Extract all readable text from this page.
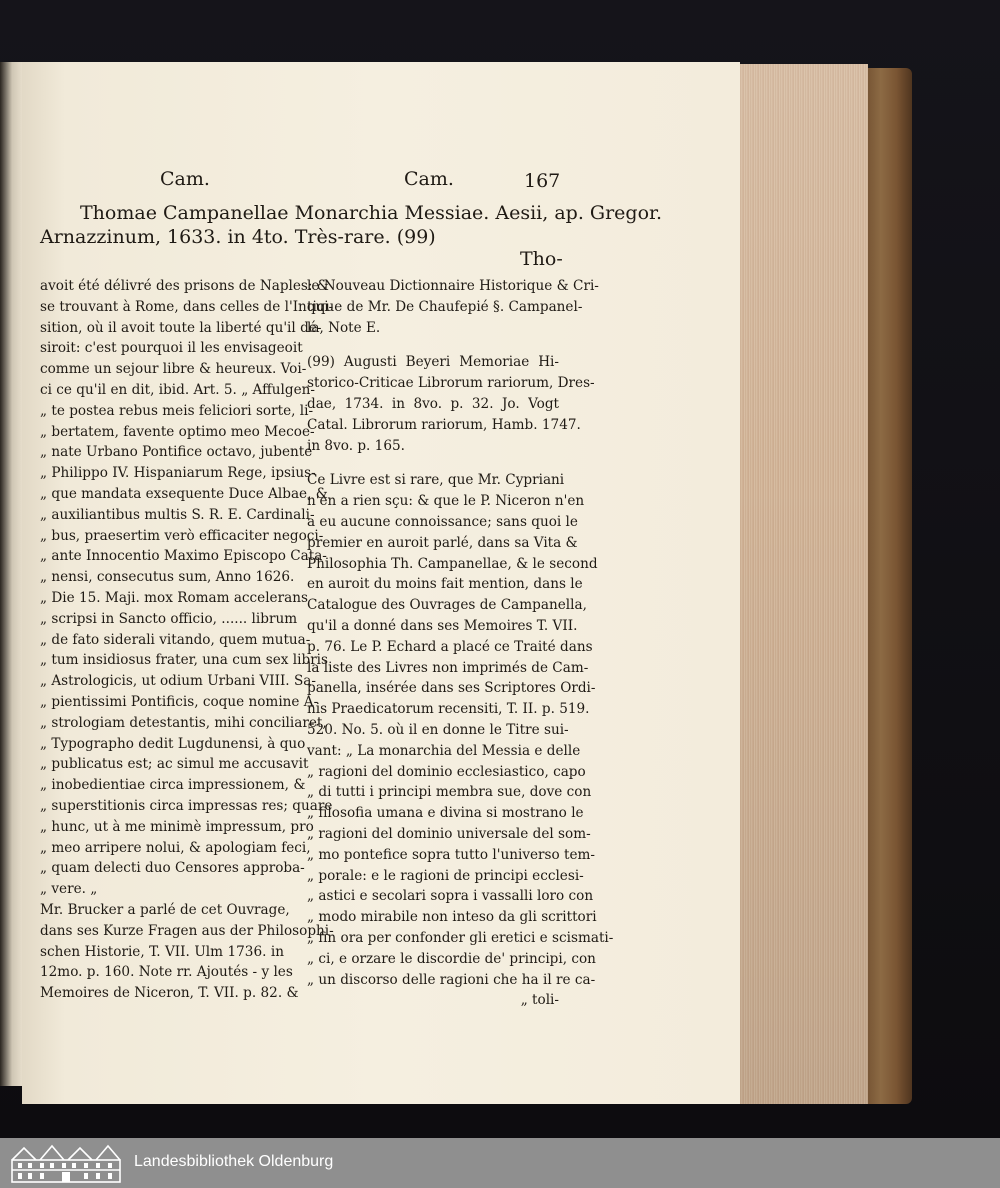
Cam.	Cam.	167
Thomae Campanellae Monarchia Messiae. Aesii, ap. Gregor.
Arnazzinum, 1633. in 4to. Très-rare. (99)
Tho-
avoit été délivré des prisons de Naples: &
se trouvant à Rome, dans celles de l'Inqui-
sition, où il avoit toute la liberté qu'il dé-
siroit: c'est pourquoi il les envisageoit
comme un sejour libre & heureux. Voi-
ci ce qu'il en dit, ibid. Art. 5. „ Affulgen-
„ te postea rebus meis feliciori sorte, li-
„ bertatem, favente optimo meo Mecoe-
„ nate Urbano Pontifice octavo, jubente
„ Philippo IV. Hispaniarum Rege, ipsius-
„ que mandata exsequente Duce Albae, &
„ auxiliantibus multis S. R. E. Cardinali-
„ bus, praesertim verò efficaciter negoci-
„ ante Innocentio Maximo Episcopo Cata-
„ nensi, consecutus sum, Anno 1626.
„ Die 15. Maji. mox Romam accelerans
„ scripsi in Sancto officio, ...... librum
„ de fato siderali vitando, quem mutua-
„ tum insidiosus frater, una cum sex libris
„ Astrologicis, ut odium Urbani VIII. Sa-
„ pientissimi Pontificis, coque nomine A-
„ strologiam detestantis, mihi conciliaret,
„ Typographo dedit Lugdunensi, à quo
„ publicatus est; ac simul me accusavit
„ inobedientiae circa impressionem, &
„ superstitionis circa impressas res; quare
„ hunc, ut à me minimè impressum, pro
„ meo arripere nolui, & apologiam feci,
„ quam delecti duo Censores approba-
„ vere. „
Mr. Brucker a parlé de cet Ouvrage,
dans ses Kurze Fragen aus der Philosophi-
schen Historie, T. VII. Ulm 1736. in
12mo. p. 160. Note rr. Ajoutés - y les
Memoires de Niceron, T. VII. p. 82. &
le Nouveau Dictionnaire Historique & Cri-
tique de Mr. De Chaufepié §. Campanel-
la, Note E.
(99) Augusti Beyeri Memoriae Hi-
storico-Criticae Librorum rariorum, Dres-
dae, 1734. in 8vo. p. 32. Jo. Vogt
Catal. Librorum rariorum, Hamb. 1747.
in 8vo. p. 165.
Ce Livre est si rare, que Mr. Cypriani
n'en a rien sçu: & que le P. Niceron n'en
a eu aucune connoissance; sans quoi le
premier en auroit parlé, dans sa Vita &
Philosophia Th. Campanellae, & le second
en auroit du moins fait mention, dans le
Catalogue des Ouvrages de Campanella,
qu'il a donné dans ses Memoires T. VII.
p. 76. Le P. Echard a placé ce Traité dans
la liste des Livres non imprimés de Cam-
panella, insérée dans ses Scriptores Ordi-
nis Praedicatorum recensiti, T. II. p. 519.
520. No. 5. où il en donne le Titre sui-
vant: „ La monarchia del Messia e delle
„ ragioni del dominio ecclesiastico, capo
„ di tutti i principi membra sue, dove con
„ filosofia umana e divina si mostrano le
„ ragioni del dominio universale del som-
„ mo pontefice sopra tutto l'universo tem-
„ porale: e le ragioni de principi ecclesi-
„ astici e secolari sopra i vassalli loro con
„ modo mirabile non inteso da gli scrittori
„ fin ora per confonder gli eretici e scismati-
„ ci, e orzare le discordie de' principi, con
„ un discorso delle ragioni che ha il re ca-
„ toli-
Landesbibliothek Oldenburg
